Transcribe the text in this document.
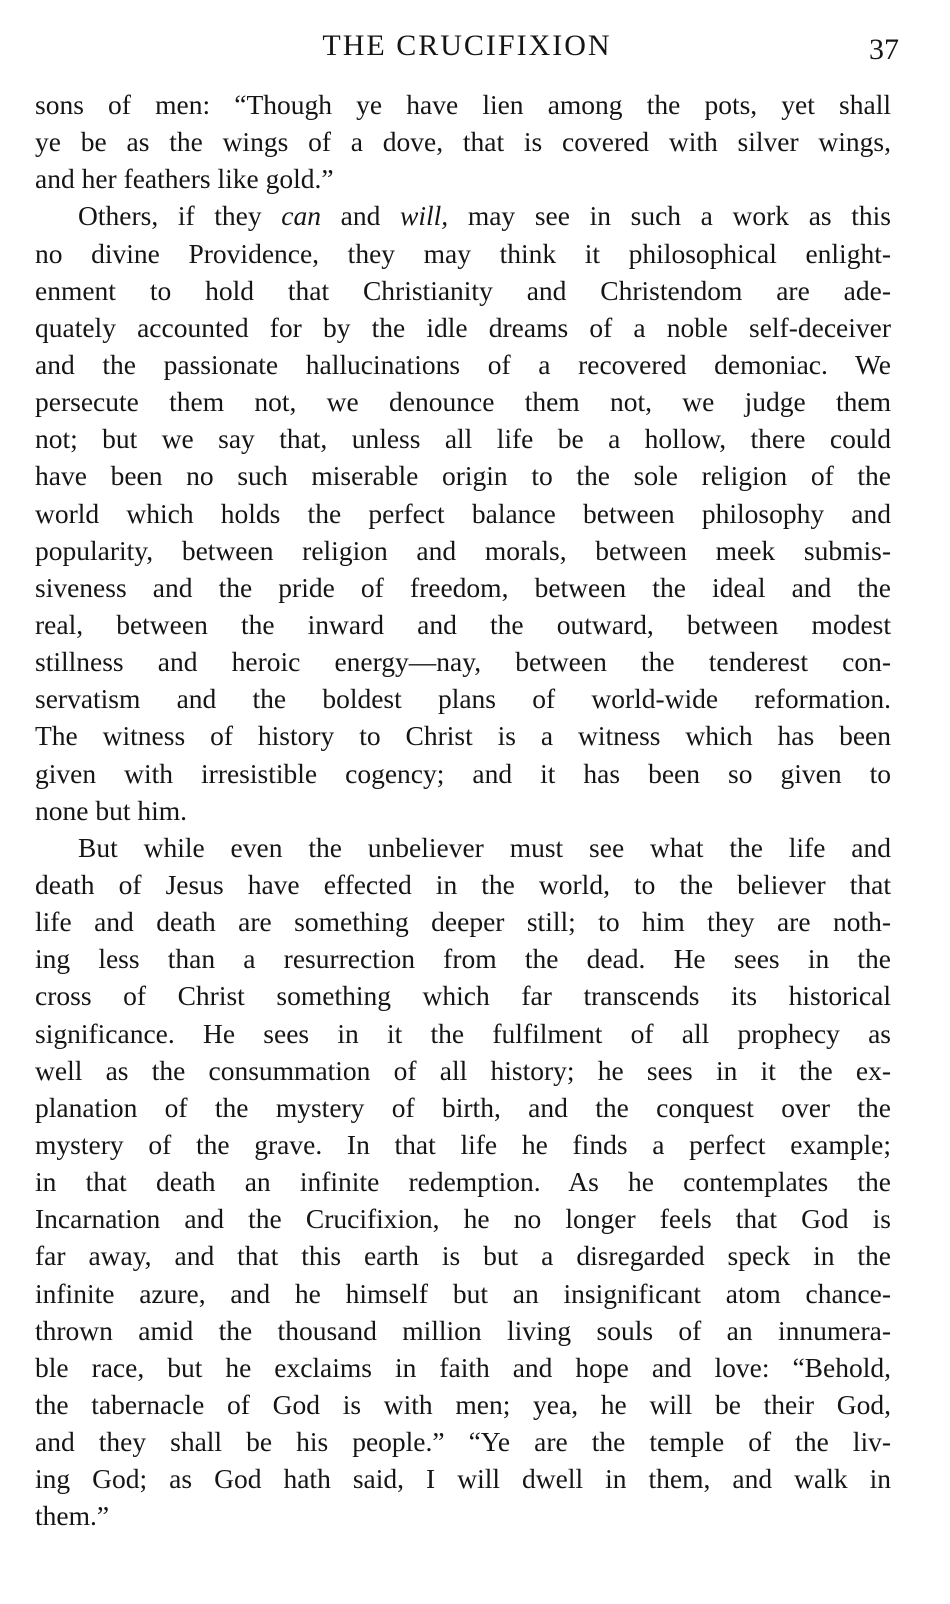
THE CRUCIFIXION	37
sons of men: “Though ye have lien among the pots, yet shall
ye be as the wings of a dove, that is covered with silver wings,
and her feathers like gold.”
Others, if they can and will, may see in such a work as this
no divine Providence, they may think it philosophical enlight-
enment to hold that Christianity and Christendom are ade-
quately accounted for by the idle dreams of a noble self-deceiver
and the passionate hallucinations of a recovered demoniac. We
persecute them not, we denounce them not, we judge them
not; but we say that, unless all life be a hollow, there could
have been no such miserable origin to the sole religion of the
world which holds the perfect balance between philosophy and
popularity, between religion and morals, between meek submis-
siveness and the pride of freedom, between the ideal and the
real, between the inward and the outward, between modest
stillness and heroic energy—nay, between the tenderest con-
servatism and the boldest plans of world-wide reformation.
The witness of history to Christ is a witness which has been
given with irresistible cogency; and it has been so given to
none but him.
But while even the unbeliever must see what the life and
death of Jesus have effected in the world, to the believer that
life and death are something deeper still; to him they are noth-
ing less than a resurrection from the dead. He sees in the
cross of Christ something which far transcends its historical
significance. He sees in it the fulfilment of all prophecy as
well as the consummation of all history; he sees in it the ex-
planation of the mystery of birth, and the conquest over the
mystery of the grave. In that life he finds a perfect example;
in that death an infinite redemption. As he contemplates the
Incarnation and the Crucifixion, he no longer feels that God is
far away, and that this earth is but a disregarded speck in the
infinite azure, and he himself but an insignificant atom chance-
thrown amid the thousand million living souls of an innumera-
ble race, but he exclaims in faith and hope and love: “Behold,
the tabernacle of God is with men; yea, he will be their God,
and they shall be his people.” “Ye are the temple of the liv-
ing God; as God hath said, I will dwell in them, and walk in
them.”
